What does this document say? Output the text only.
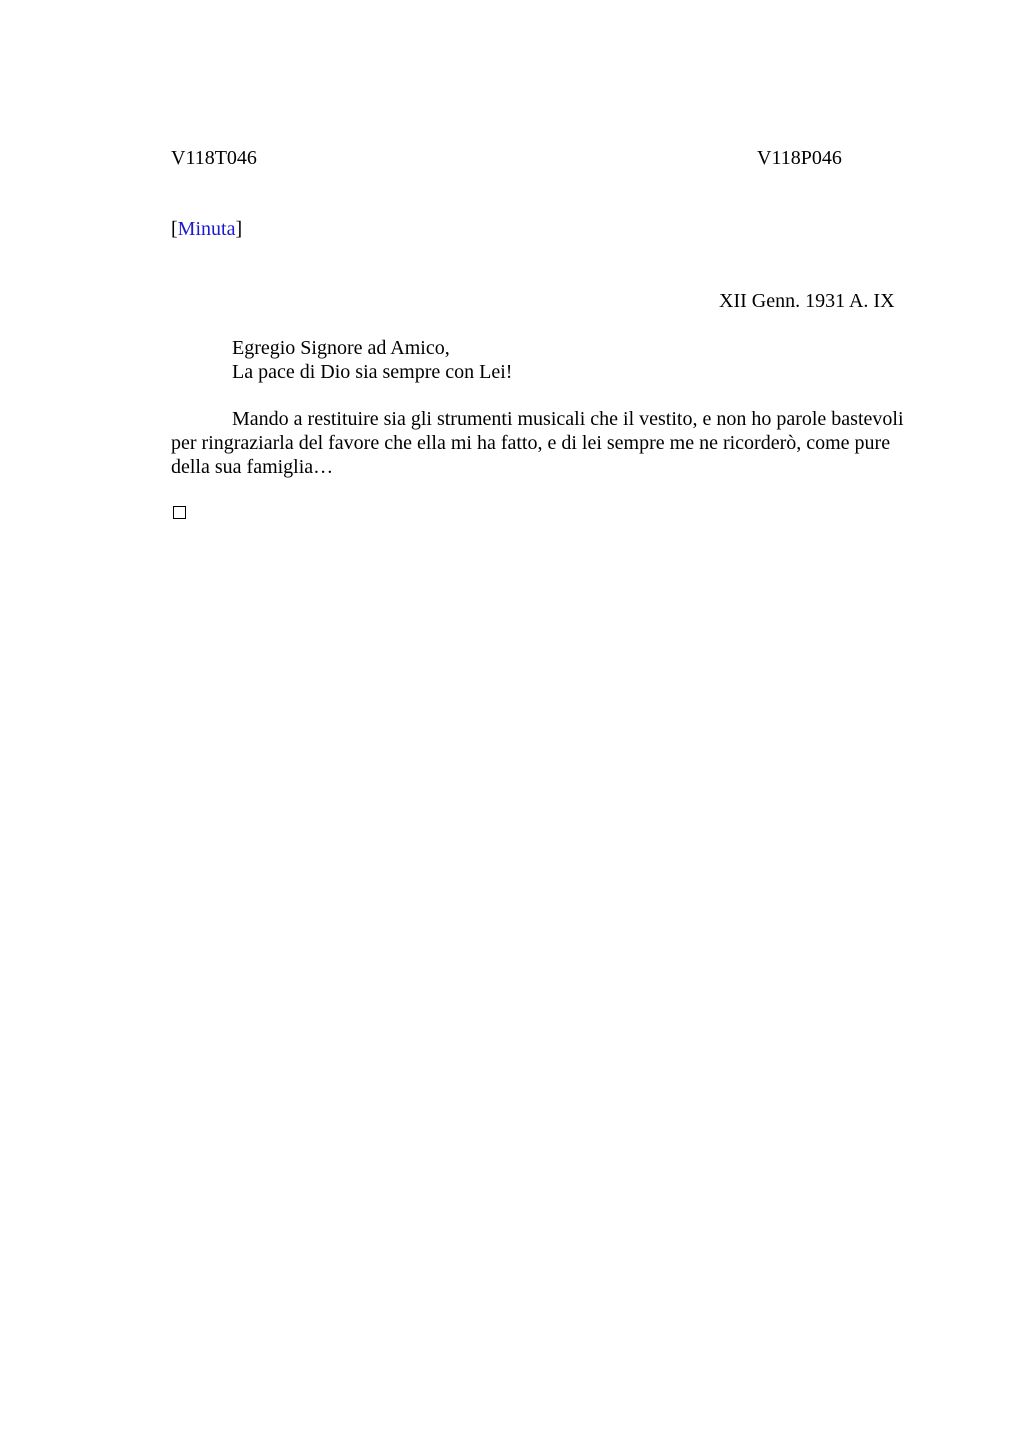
V118T046	V118P046
[Minuta]
XII Genn. 1931 A. IX
Egregio Signore ad Amico,
La pace di Dio sia sempre con Lei!

Mando a restituire sia gli strumenti musicali che il vestito, e non ho parole bastevoli per ringraziarla del favore che ella mi ha fatto, e di lei sempre me ne ricorderò, come pure della sua famiglia…
